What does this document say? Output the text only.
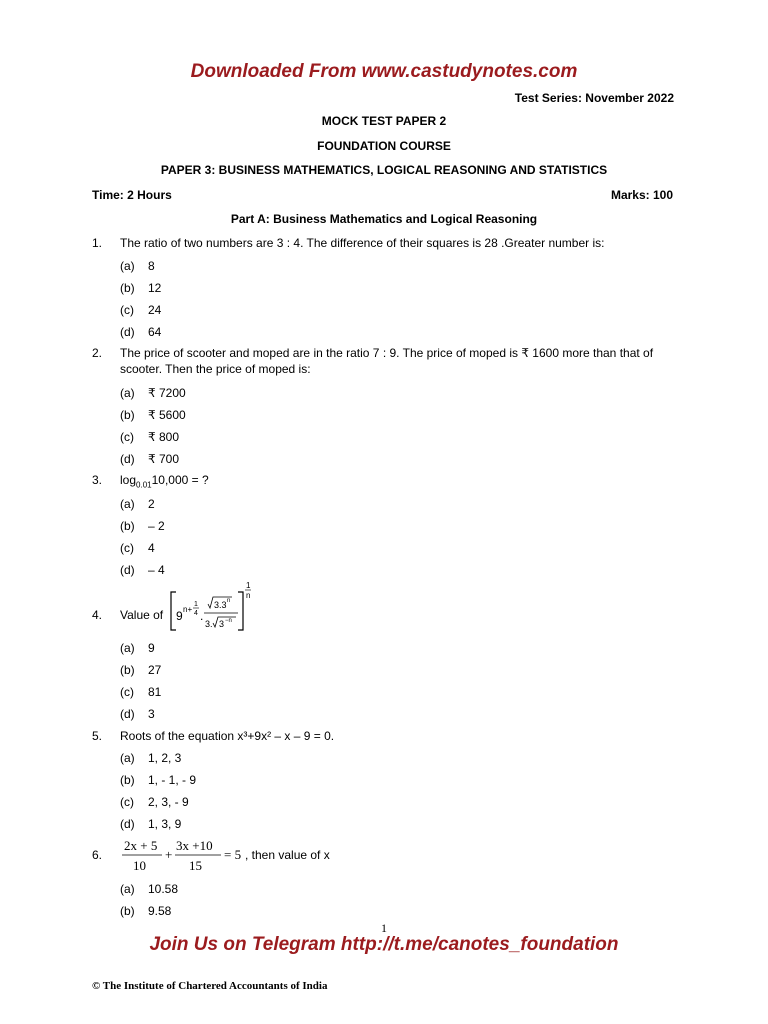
Downloaded From www.castudynotes.com
Test Series: November 2022
MOCK TEST PAPER 2
FOUNDATION COURSE
PAPER 3: BUSINESS MATHEMATICS, LOGICAL REASONING AND STATISTICS
Time: 2 Hours	Marks: 100
Part A: Business Mathematics and Logical Reasoning
1. The ratio of two numbers are 3 : 4. The difference of their squares is 28 .Greater number is:
(a) 8
(b) 12
(c) 24
(d) 64
2. The price of scooter and moped are in the ratio 7 : 9. The price of moped is ₹ 1600 more than that of
scooter. Then the price of moped is:
(a) ₹ 7200
(b) ₹ 5600
(c) ₹ 800
(d) ₹ 700
3. $\log_{0.01}10,000$ = ?
(a) 2
(b) – 2
(c) 4
(d) – 4
4. Value of 9 n+
1
4 .
3.3 n
3. 3 −n
1
n
(a) 9
(b) 27
(c) 81
(d) 3
5. Roots of the equation x³+9x² – x – 9 = 0.
(a) 1, 2, 3
(b) 1, - 1, - 9
(c) 2, 3, - 9
(d) 1, 3, 9
6.
2x + 5
10
+
3x +10
15
= 5 , then value of x
(a) 10.58
(b) 9.58
1
Join Us on Telegram http://t.me/canotes_foundation
© The Institute of Chartered Accountants of India
